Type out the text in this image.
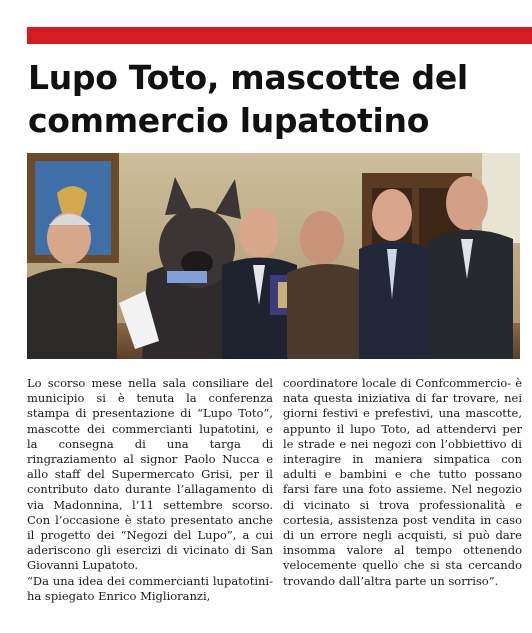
Lupo Toto, mascotte del
commercio lupatotino

Lo scorso mese nella sala consiliare del municipio si è tenuta la conferenza stampa di presentazione di “Lupo Toto”, mascotte dei commercianti lupatotini, e la consegna di una targa di ringraziamento al signor Paolo Nucca e allo staff del Supermercato Grisi, per il contributo dato durante l’allagamento di via Madonnina, l’11 settembre scorso. Con l’occasione è stato presentato anche il progetto dei “Negozi del Lupo”, a cui aderiscono gli esercizi di vicinato di San Giovanni Lupatoto.

“Da una idea dei commercianti lupatotini- ha spiegato Enrico Miglioranzi,

coordinatore locale di Confcommercio- è nata questa iniziativa di far trovare, nei giorni festivi e prefestivi, una mascotte, appunto il lupo Toto, ad attendervi per le strade e nei negozi con l’obbiettivo di interagire in maniera simpatica con adulti e bambini e che tutto possano farsi fare una foto assieme. Nel negozio di vicinato si trova professionalità e cortesia, assistenza post vendita in caso di un errore negli acquisti, si può dare insomma valore al tempo ottenendo velocemente quello che si sta cercando trovando dall’altra parte un sorriso”.
